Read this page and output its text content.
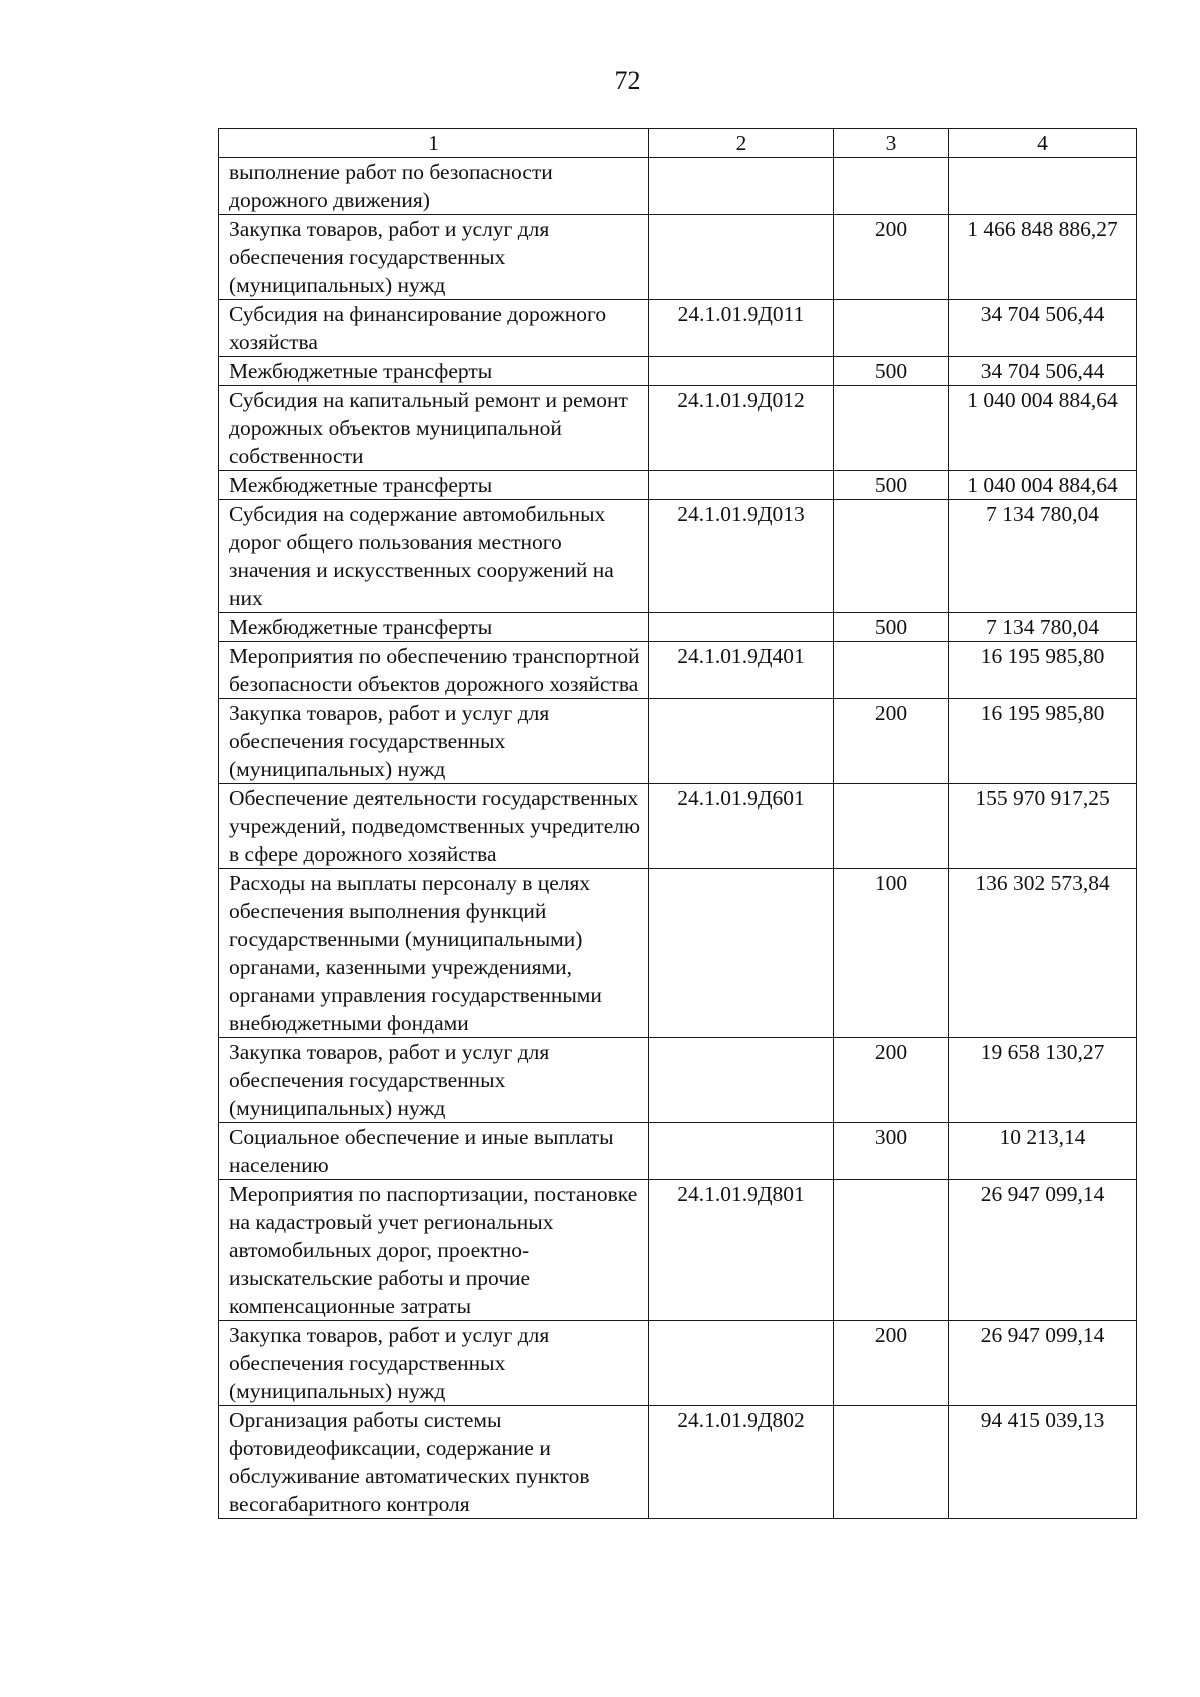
72
1	2	3	4
выполнение работ по безопасности дорожного движения)			
Закупка товаров, работ и услуг для обеспечения государственных (муниципальных) нужд		200	1 466 848 886,27
Субсидия на финансирование дорожного хозяйства	24.1.01.9Д011		34 704 506,44
Межбюджетные трансферты		500	34 704 506,44
Субсидия на капитальный ремонт и ремонт дорожных объектов муниципальной собственности	24.1.01.9Д012		1 040 004 884,64
Межбюджетные трансферты		500	1 040 004 884,64
Субсидия на содержание автомобильных дорог общего пользования местного значения и искусственных сооружений на них	24.1.01.9Д013		7 134 780,04
Межбюджетные трансферты		500	7 134 780,04
Мероприятия по обеспечению транспортной безопасности объектов дорожного хозяйства	24.1.01.9Д401		16 195 985,80
Закупка товаров, работ и услуг для обеспечения государственных (муниципальных) нужд		200	16 195 985,80
Обеспечение деятельности государственных учреждений, подведомственных учредителю в сфере дорожного хозяйства	24.1.01.9Д601		155 970 917,25
Расходы на выплаты персоналу в целях обеспечения выполнения функций государственными (муниципальными) органами, казенными учреждениями, органами управления государственными внебюджетными фондами		100	136 302 573,84
Закупка товаров, работ и услуг для обеспечения государственных (муниципальных) нужд		200	19 658 130,27
Социальное обеспечение и иные выплаты населению		300	10 213,14
Мероприятия по паспортизации, постановке на кадастровый учет региональных автомобильных дорог, проектно-изыскательские работы и прочие компенсационные затраты	24.1.01.9Д801		26 947 099,14
Закупка товаров, работ и услуг для обеспечения государственных (муниципальных) нужд		200	26 947 099,14
Организация работы системы фотовидеофиксации, содержание и обслуживание автоматических пунктов весогабаритного контроля	24.1.01.9Д802		94 415 039,13
